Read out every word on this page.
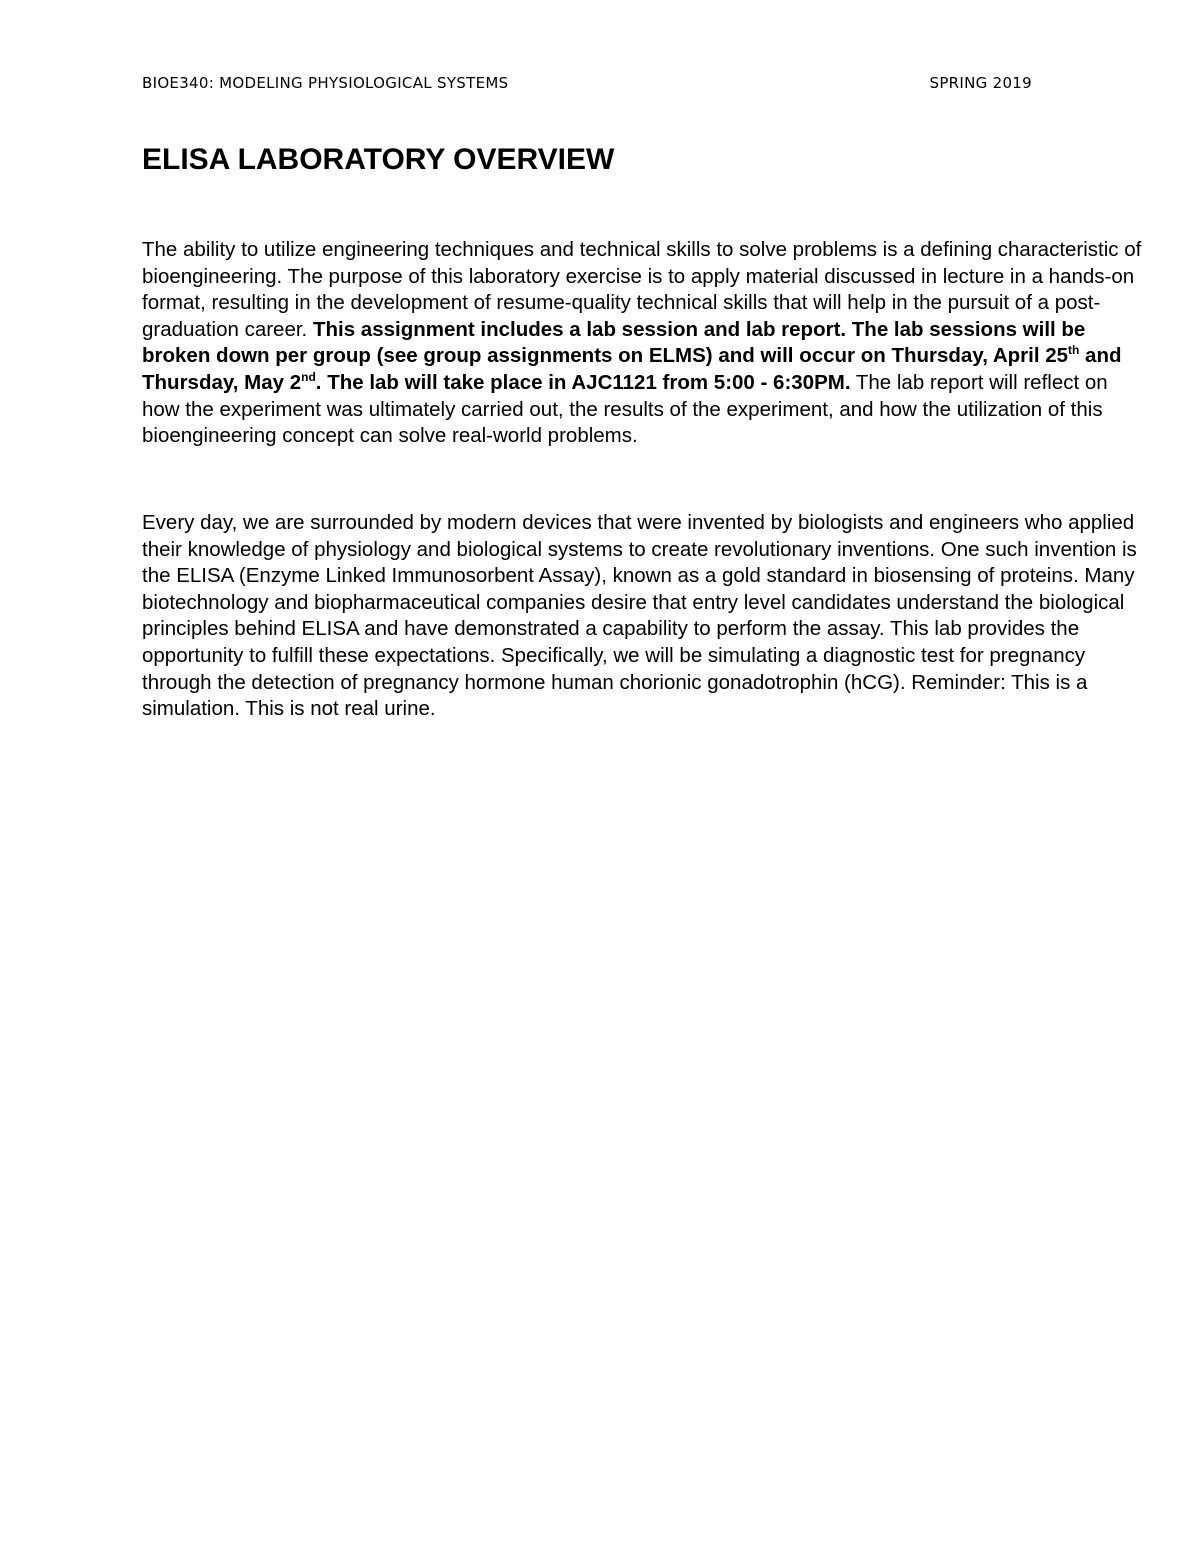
BIOE340: MODELING PHYSIOLOGICAL SYSTEMS	SPRING 2019
ELISA LABORATORY OVERVIEW

The ability to utilize engineering techniques and technical skills to solve problems is a defining characteristic of bioengineering. The purpose of this laboratory exercise is to apply material discussed in lecture in a hands-on format, resulting in the development of resume-quality technical skills that will help in the pursuit of a post-graduation career. This assignment includes a lab session and lab report. The lab sessions will be broken down per group (see group assignments on ELMS) and will occur on Thursday, April 25th and Thursday, May 2nd. The lab will take place in AJC1121 from 5:00 - 6:30PM. The lab report will reflect on how the experiment was ultimately carried out, the results of the experiment, and how the utilization of this bioengineering concept can solve real-world problems.

Every day, we are surrounded by modern devices that were invented by biologists and engineers who applied their knowledge of physiology and biological systems to create revolutionary inventions. One such invention is the ELISA (Enzyme Linked Immunosorbent Assay), known as a gold standard in biosensing of proteins. Many biotechnology and biopharmaceutical companies desire that entry level candidates understand the biological principles behind ELISA and have demonstrated a capability to perform the assay. This lab provides the opportunity to fulfill these expectations. Specifically, we will be simulating a diagnostic test for pregnancy through the detection of pregnancy hormone human chorionic gonadotrophin (hCG). Reminder: This is a simulation. This is not real urine.
